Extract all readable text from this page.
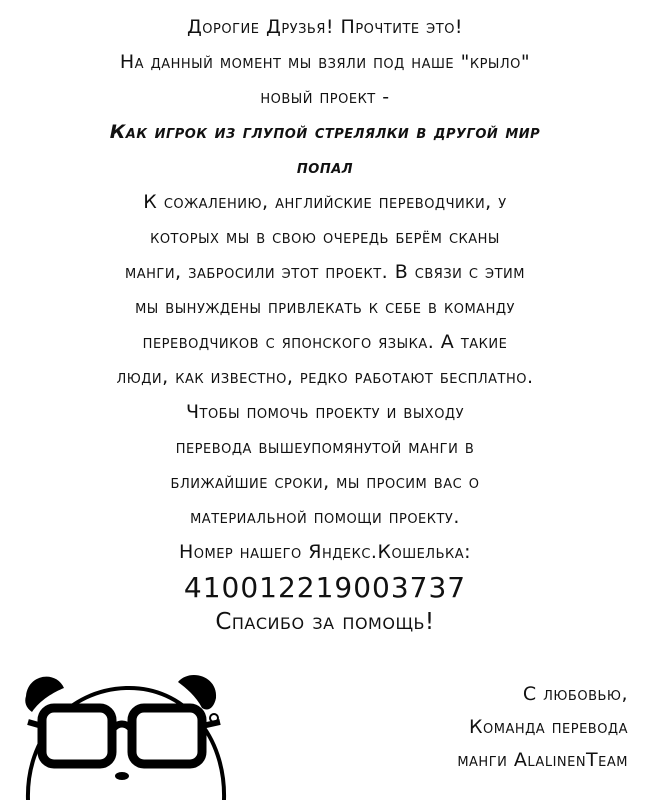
Дорогие Друзья! Прочтите это!
На данный момент мы взяли под наше "крыло"
новый проект -
Как игрок из глупой стрелялки в другой мир
попал
К сожалению, английские переводчики, у
которых мы в свою очередь берём сканы
манги, забросили этот проект. В связи с этим
мы вынуждены привлекать к себе в команду
переводчиков с японского языка. А такие
люди, как известно, редко работают бесплатно.
Чтобы помочь проекту и выходу
перевода вышеупомянутой манги в
ближайшие сроки, мы просим вас о
материальной помощи проекту.
Номер нашего Яндекс.Кошелька:
410012219003737
Спасибо за помощь!
С любовью,
Команда перевода
манги AlalinenTeam
